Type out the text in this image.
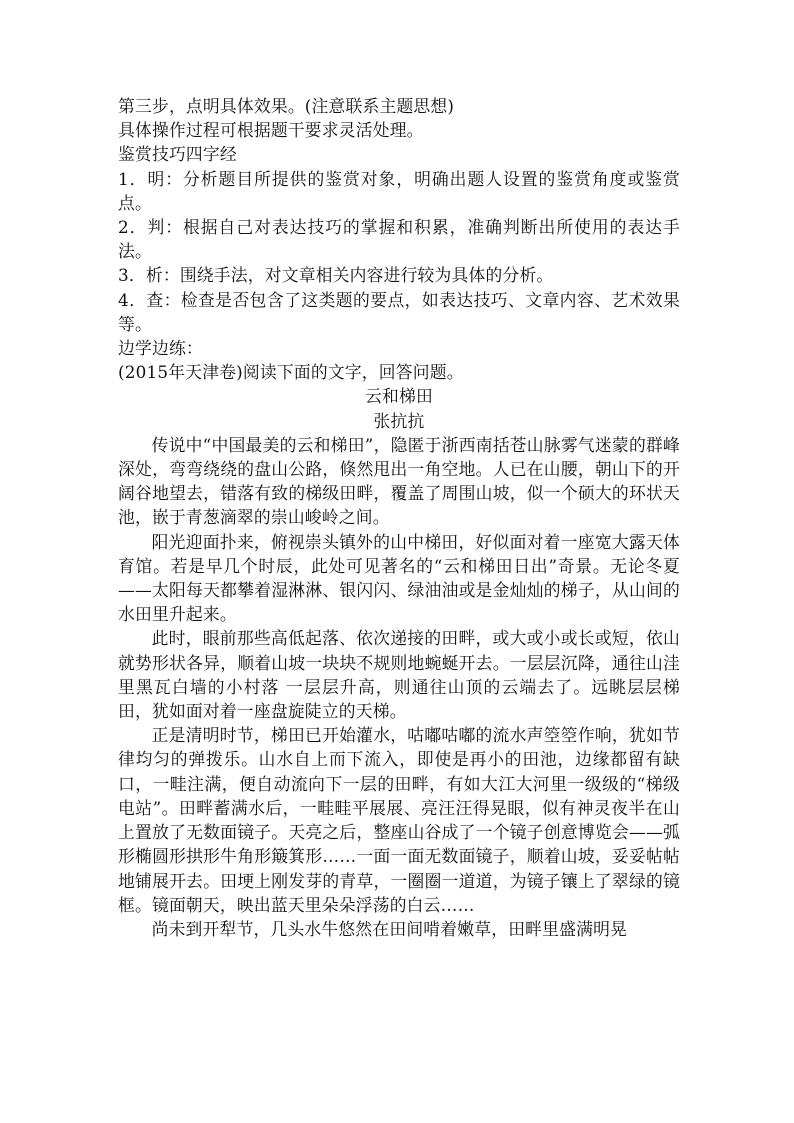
第三步，点明具体效果。(注意联系主题思想)

具体操作过程可根据题干要求灵活处理。

鉴赏技巧四字经

1．明：分析题目所提供的鉴赏对象，明确出题人设置的鉴赏角度或鉴赏点。

2．判：根据自己对表达技巧的掌握和积累，准确判断出所使用的表达手法。

3．析：围绕手法，对文章相关内容进行较为具体的分析。

4．查：检查是否包含了这类题的要点，如表达技巧、文章内容、艺术效果等。

边学边练：

(2015年天津卷)阅读下面的文字，回答问题。

云和梯田

张抗抗

传说中“中国最美的云和梯田”，隐匿于浙西南括苍山脉雾气迷蒙的群峰深处，弯弯绕绕的盘山公路，倏然甩出一角空地。人已在山腰，朝山下的开阔谷地望去，错落有致的梯级田畔，覆盖了周围山坡，似一个硕大的环状天池，嵌于青葱滴翠的崇山峻岭之间。

阳光迎面扑来，俯视崇头镇外的山中梯田，好似面对着一座宽大露天体育馆。若是早几个时辰，此处可见著名的“云和梯田日出”奇景。无论冬夏——太阳每天都攀着湿淋淋、银闪闪、绿油油或是金灿灿的梯子，从山间的水田里升起来。

此时，眼前那些高低起落、依次递接的田畔，或大或小或长或短，依山就势形状各异，顺着山坡一块块不规则地蜿蜒开去。一层层沉降，通往山洼里黑瓦白墙的小村落 一层层升高，则通往山顶的云端去了。远眺层层梯田，犹如面对着一座盘旋陡立的天梯。

正是清明时节，梯田已开始灌水，咕嘟咕嘟的流水声箜箜作响，犹如节律均匀的弹拨乐。山水自上而下流入，即使是再小的田池，边缘都留有缺口，一畦注满，便自动流向下一层的田畔，有如大江大河里一级级的“梯级电站”。田畔蓄满水后，一畦畦平展展、亮汪汪得晃眼，似有神灵夜半在山上置放了无数面镜子。天亮之后，整座山谷成了一个镜子创意博览会——弧形椭圆形拱形牛角形簸箕形……一面一面无数面镜子，顺着山坡，妥妥帖帖地铺展开去。田埂上刚发芽的青草，一圈圈一道道，为镜子镶上了翠绿的镜框。镜面朝天，映出蓝天里朵朵浮荡的白云……

尚未到开犁节，几头水牛悠然在田间啃着嫩草，田畔里盛满明晃
